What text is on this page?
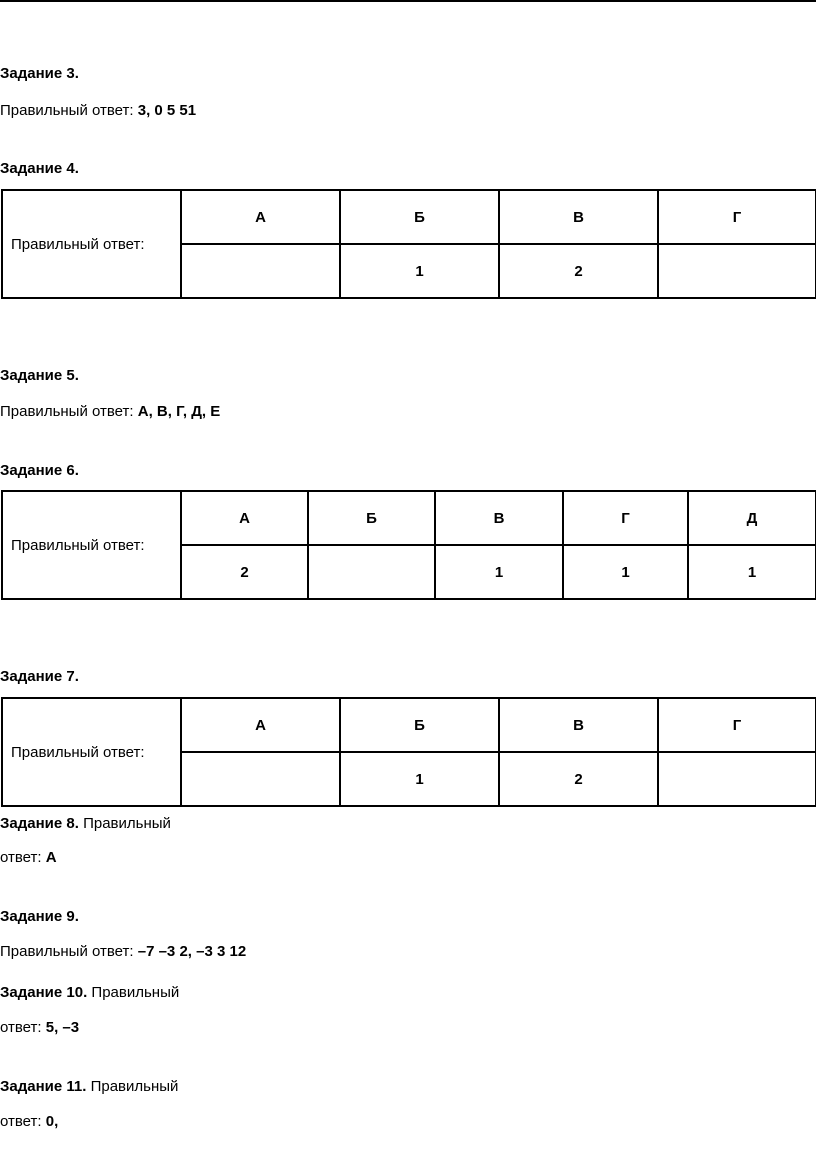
Задание 3.
Правильный ответ: 3, 0 5 51
Задание 4.
Правильный ответ:	А	Б	В	Г
		1	2	
Задание 5.
Правильный ответ: А, В, Г, Д, Е
Задание 6.
Правильный ответ:	А	Б	В	Г	Д
	2		1	1	1
Задание 7.
Правильный ответ:	А	Б	В	Г
		1	2	
Задание 8. Правильный
ответ: А
Задание 9.
Правильный ответ: –7 –3 2, –3 3 12
Задание 10. Правильный
ответ: 5, –3
Задание 11. Правильный
ответ: 0,
